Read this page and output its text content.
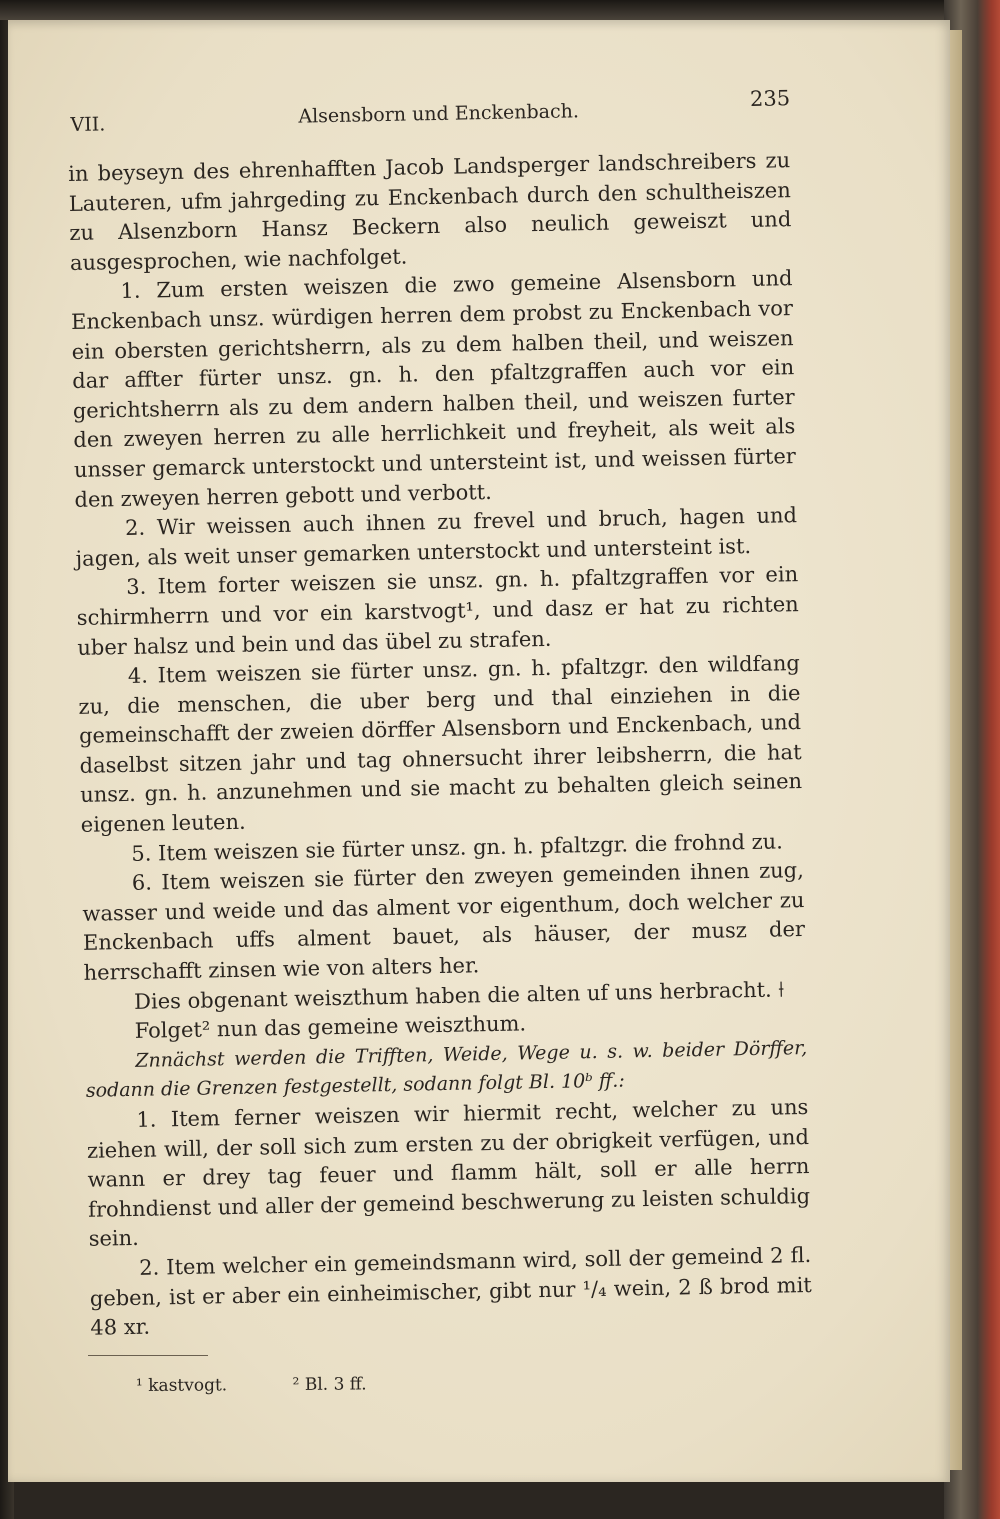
VII.	Alsensborn und Enckenbach.
235

in beyseyn des ehrenhafften Jacob Landsperger landschreibers zu Lauteren, ufm jahrgeding zu Enckenbach durch den schultheiszen zu Alsenzborn Hansz Beckern also neulich geweiszt und ausgesprochen, wie nachfolget.

1. Zum ersten weiszen die zwo gemeine Alsensborn und Enckenbach unsz. würdigen herren dem probst zu Enckenbach vor ein obersten gerichtsherrn, als zu dem halben theil, und weiszen dar affter fürter unsz. gn. h. den pfaltzgraffen auch vor ein gerichtsherrn als zu dem andern halben theil, und weiszen furter den zweyen herren zu alle herrlichkeit und freyheit, als weit als unsser gemarck unterstockt und untersteint ist, und weissen fürter den zweyen herren gebott und verbott.

2. Wir weissen auch ihnen zu frevel und bruch, hagen und jagen, als weit unser gemarken unterstockt und untersteint ist.

3. Item forter weiszen sie unsz. gn. h. pfaltzgraffen vor ein schirmherrn und vor ein karstvogt¹, und dasz er hat zu richten uber halsz und bein und das übel zu strafen.

4. Item weiszen sie fürter unsz. gn. h. pfaltzgr. den wildfang zu, die menschen, die uber berg und thal einziehen in die gemeinschafft der zweien dörffer Alsensborn und Enckenbach, und daselbst sitzen jahr und tag ohnersucht ihrer leibsherrn, die hat unsz. gn. h. anzunehmen und sie macht zu behalten gleich seinen eigenen leuten.

5. Item weiszen sie fürter unsz. gn. h. pfaltzgr. die frohnd zu.

6. Item weiszen sie fürter den zweyen gemeinden ihnen zug, wasser und weide und das alment vor eigenthum, doch welcher zu Enckenbach uffs alment bauet, als häuser, der musz der herrschafft zinsen wie von alters her.

Dies obgenant weiszthum haben die alten uf uns herbracht. ⟊

Folget² nun das gemeine weiszthum.

Znnächst werden die Trifften, Weide, Wege u. s. w. beider Dörffer, sodann die Grenzen festgestellt, sodann folgt Bl. 10ᵇ ff.:

1. Item ferner weiszen wir hiermit recht, welcher zu uns ziehen will, der soll sich zum ersten zu der obrigkeit verfügen, und wann er drey tag feuer und flamm hält, soll er alle herrn frohndienst und aller der gemeind beschwerung zu leisten schuldig sein.

2. Item welcher ein gemeindsmann wird, soll der gemeind 2 fl. geben, ist er aber ein einheimischer, gibt nur ¹/₄ wein, 2 ß brod mit 48 xr.

¹ kastvogt.	² Bl. 3 ff.
